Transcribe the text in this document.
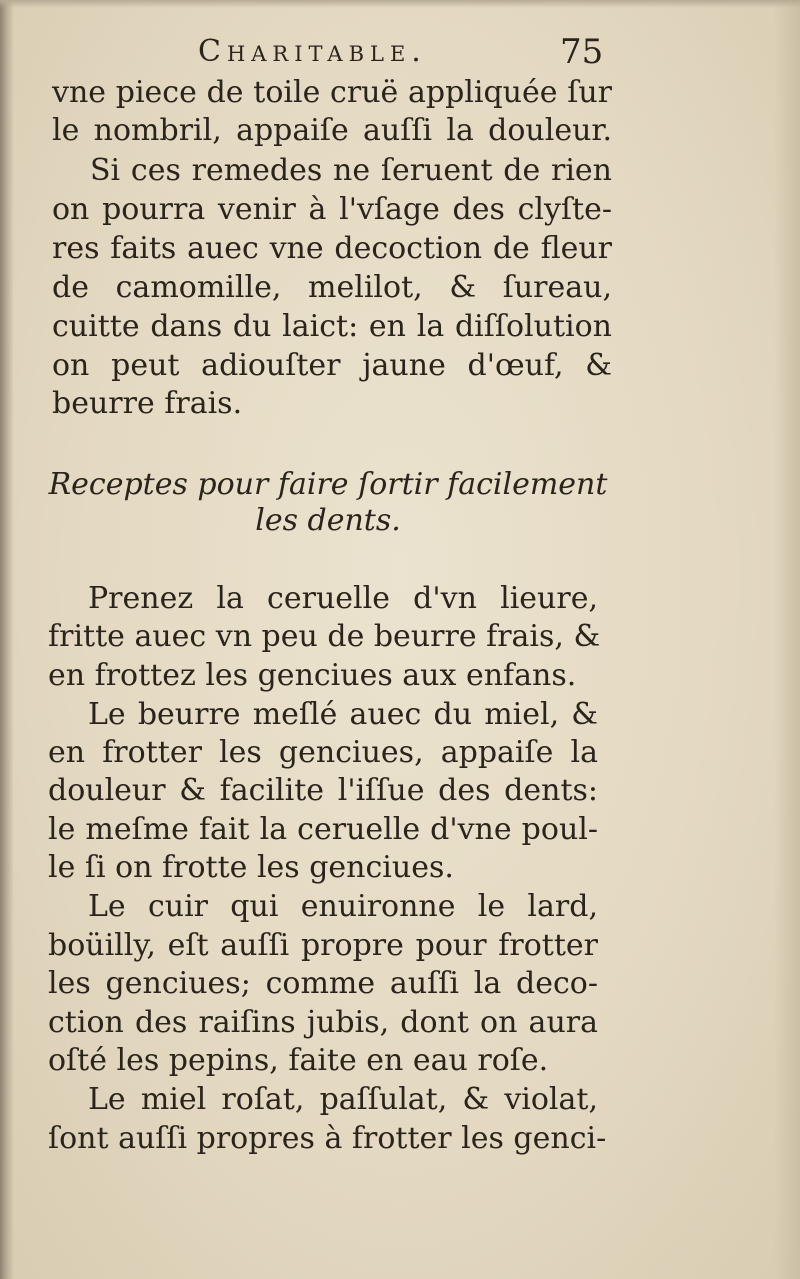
Charitable.	75
vne piece de toile cruë appliquée ſur
le nombril, appaiſe auſſi la douleur.
Si ces remedes ne ſeruent de rien
on pourra venir à l'vſage des clyſte-
res faits auec vne decoction de fleur
de camomille, melilot, & ſureau,
cuitte dans du laict: en la diſſolution
on peut adiouſter jaune d'œuf, &
beurre frais.
Receptes pour faire ſortir facilement
les dents.
Prenez la ceruelle d'vn lieure,
fritte auec vn peu de beurre frais, &
en frottez les genciues aux enfans.
Le beurre meſlé auec du miel, &
en frotter les genciues, appaiſe la
douleur & facilite l'iſſue des dents:
le meſme fait la ceruelle d'vne poul-
le ſi on frotte les genciues.
Le cuir qui enuironne le lard,
boüilly, eſt auſſi propre pour frotter
les genciues; comme auſſi la deco-
ction des raiſins jubis, dont on aura
oſté les pepins, faite en eau roſe.
Le miel roſat, paſſulat, & violat,
ſont auſſi propres à frotter les genci-
